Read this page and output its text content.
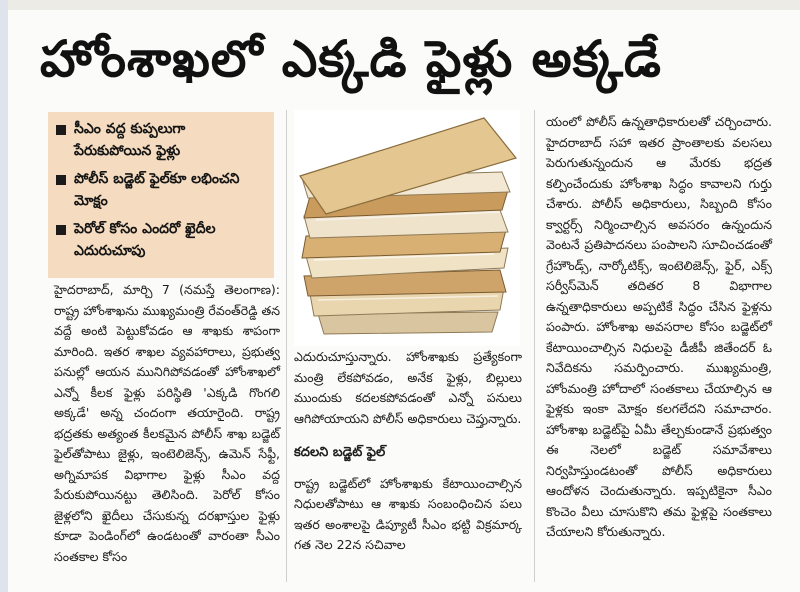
హోంశాఖలో ఎక్కడి ఫైళ్లు అక్కడే
సీఎం వద్ద కుప్పలుగా పేరుకుపోయిన ఫైళ్లు
పోలీస్ బడ్జెట్ ఫైల్‌కూ లభించని మోక్షం
పెరోల్ కోసం ఎందరో ఖైదీల ఎదురుచూపు

హైదరాబాద్, మార్చి 7 (నమస్తే తెలంగాణ): రాష్ట్ర హోంశాఖను ముఖ్యమంత్రి రేవంత్‌రెడ్డి తన వద్దే అంటి పెట్టుకోవడం ఆ శాఖకు శాపంగా మారింది. ఇతర శాఖల వ్యవహారాలు, ప్రభుత్వ పనుల్లో ఆయన మునిగిపోవడంతో హోంశాఖలో ఎన్నో కీలక ఫైళ్లు పరిస్థితి 'ఎక్కడి గొంగలి అక్కడే' అన్న చందంగా తయారైంది. రాష్ట్ర భద్రతకు అత్యంత కీలకమైన పోలీస్ శాఖ బడ్జెట్ ఫైల్‌తోపాటు జైళ్లు, ఇంటెలిజెన్స్, ఉమెన్ సేఫ్టీ, అగ్నిమాపక విభాగాల ఫైళ్లు సీఎం వద్ద పేరుకుపోయినట్టు తెలిసింది. పెరోల్ కోసం జైళ్లలోని ఖైదీలు చేసుకున్న దరఖాస్తుల ఫైళ్లు కూడా పెండింగ్‌లో ఉండటంతో వారంతా సీఎం సంతకాల కోసం

ఎదురుచూస్తున్నారు. హోంశాఖకు ప్రత్యేకంగా మంత్రి లేకపోవడం, అనేక ఫైళ్లు, బిల్లులు ముందుకు కదలకపోవడంతో ఎన్నో పనులు ఆగిపోయాయని పోలీస్ అధికారులు చెప్తున్నారు.

కదలని బడ్జెట్ ఫైల్

రాష్ట్ర బడ్జెట్‌లో హోంశాఖకు కేటాయించాల్సిన నిధులతోపాటు ఆ శాఖకు సంబంధించిన పలు ఇతర అంశాలపై డిప్యూటీ సీఎం భట్టి విక్రమార్క గత నెల 22న సచివాల

యంలో పోలీస్ ఉన్నతాధికారులతో చర్చించారు. హైదరాబాద్ సహా ఇతర ప్రాంతాలకు వలసలు పెరుగుతున్నందున ఆ మేరకు భద్రత కల్పించేందుకు హోంశాఖ సిద్ధం కావాలని గుర్తు చేశారు. పోలీస్ అధికారులు, సిబ్బంది కోసం క్వార్టర్స్ నిర్మించాల్సిన అవసరం ఉన్నందున వెంటనే ప్రతిపాదనలు పంపాలని సూచించడంతో గ్రేహౌండ్స్, నార్కోటిక్స్, ఇంటెలిజెన్స్, ఫైర్, ఎక్స్ సర్వీస్‌మెన్ తదితర 8 విభాగాల ఉన్నతాధికారులు అప్పటికే సిద్ధం చేసిన ఫైళ్లను పంపారు. హోంశాఖ అవసరాల కోసం బడ్జెట్‌లో కేటాయించాల్సిన నిధులపై డీజీపీ జితేందర్ ఓ నివేదికను సమర్పించారు. ముఖ్యమంత్రి, హోంమంత్రి హోదాలో సంతకాలు చేయాల్సిన ఆ ఫైళ్లకు ఇంకా మోక్షం కలగలేదని సమాచారం. హోంశాఖ బడ్జెట్‌పై ఏమీ తేల్చకుండానే ప్రభుత్వం ఈ నెలలో బడ్జెట్ సమావేశాలు నిర్వహిస్తుండటంతో పోలీస్ అధికారులు ఆందోళన చెందుతున్నారు. ఇప్పటికైనా సీఎం కొంచెం వీలు చూసుకొని తమ ఫైళ్లపై సంతకాలు చేయాలని కోరుతున్నారు.
